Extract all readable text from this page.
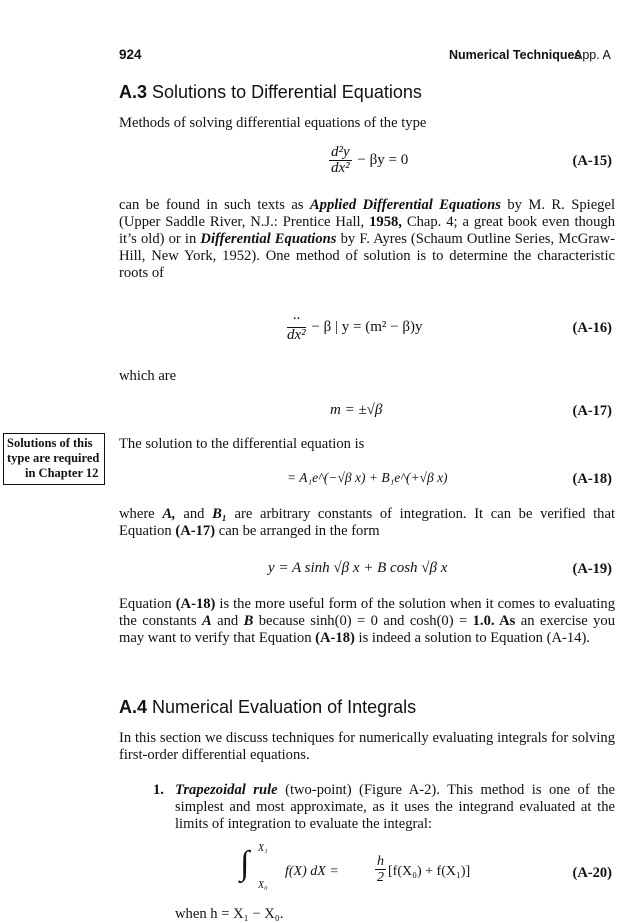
924	Numerical Techniques
App. A
A.3 Solutions to Differential Equations
Methods of solving differential equations of the type
$\frac{\text{d²y}}{\text{dx²}} - \beta y = 0$	(A-15)
can be found in such texts as Applied Differential Equations by M. R. Spiegel (Upper Saddle River, N.J.: Prentice Hall, 1958, Chap. 4; a great book even though it’s old) or in Differential Equations by F. Ayres (Schaum Outline Series, McGraw-Hill, New York, 1952). One method of solution is to determine the characteristic roots of
$\frac{\cdot\cdot}{\text{dx²}} - \beta$ | y = (m² − β)y	(A-16)
which are
m = ±√β	(A-17)
Solutions of this
type are required
in Chapter 12
The solution to the differential equation is
= A₁e^(−√β x) + B₁e^(+√β x)	(A-18)
where A, and B₁ are arbitrary constants of integration. It can be verified that Equation (A-17) can be arranged in the form
y = A sinh √β x + B cosh √β x	(A-19)
Equation (A-18) is the more useful form of the solution when it comes to evaluating the constants A and B because sinh(0) = 0 and cosh(0) = 1.0. As an exercise you may want to verify that Equation (A-18) is indeed a solution to Equation (A-14).
A.4 Numerical Evaluation of Integrals
In this section we discuss techniques for numerically evaluating integrals for solving first-order differential equations.
1. Trapezoidal rule (two-point) (Figure A-2). This method is one of the simplest and most approximate, as it uses the integrand evaluated at the limits of integration to evaluate the integral:
∫ X₁
X₀
f(X) dX =	$\frac{h}{2} [f(X_0) + f(X_1)]$	(A-20)
when h = X₁ − X₀.
